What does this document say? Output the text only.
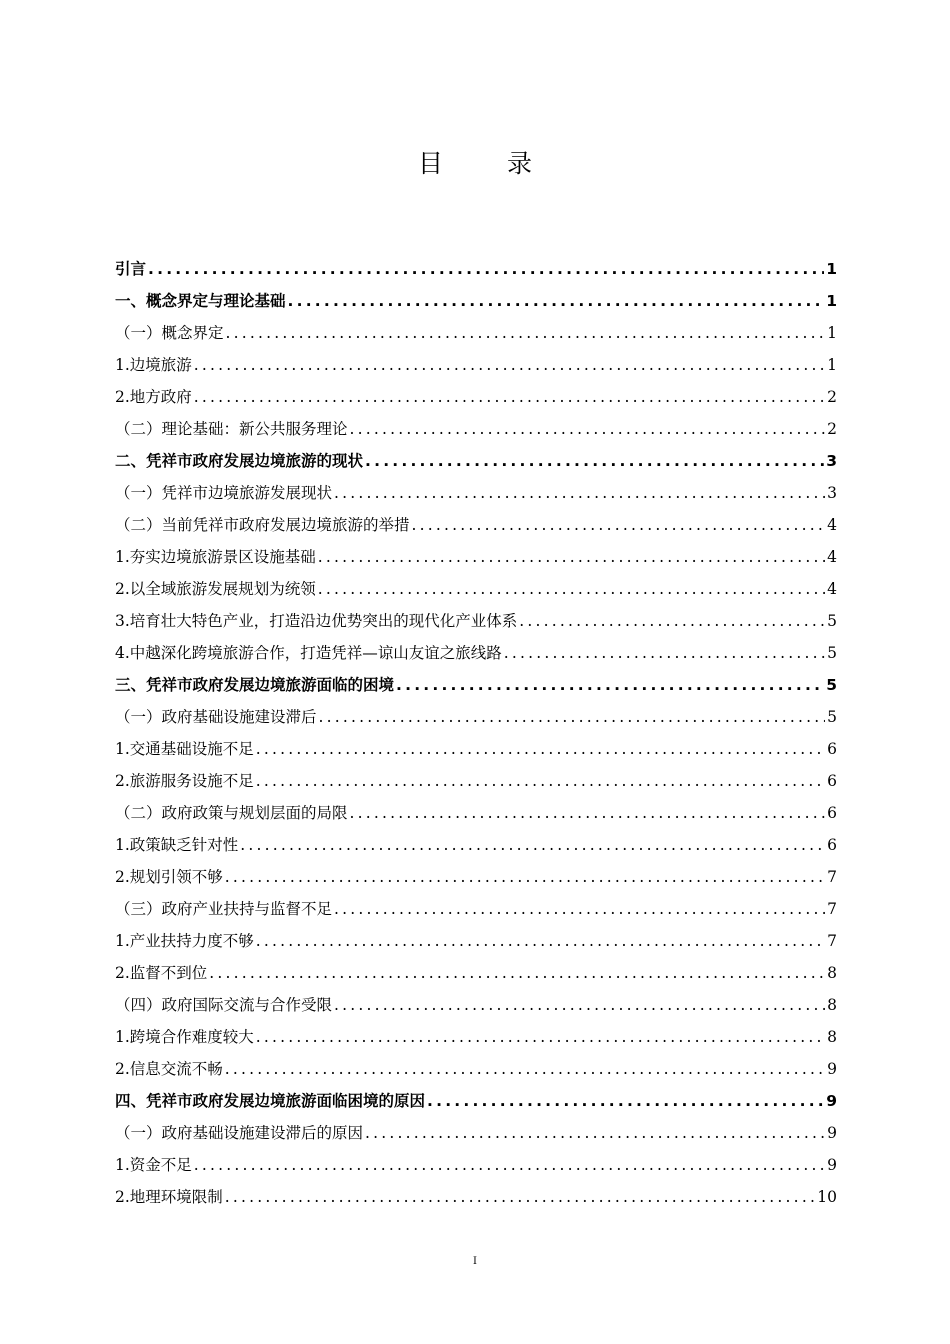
目 录
引言 .....	1
一、概念界定与理论基础 .....	1
（一）概念界定 .....	1
1.边境旅游 .....	1
2.地方政府 .....	2
（二）理论基础：新公共服务理论 .....	2
二、凭祥市政府发展边境旅游的现状 .....	3
（一）凭祥市边境旅游发展现状 .....	3
（二）当前凭祥市政府发展边境旅游的举措 .....	4
1.夯实边境旅游景区设施基础 .....	4
2.以全域旅游发展规划为统领 .....	4
3.培育壮大特色产业，打造沿边优势突出的现代化产业体系 .....	5
4.中越深化跨境旅游合作，打造凭祥—谅山友谊之旅线路 .....	5
三、凭祥市政府发展边境旅游面临的困境 .....	5
（一）政府基础设施建设滞后 .....	5
1.交通基础设施不足 .....	6
2.旅游服务设施不足 .....	6
（二）政府政策与规划层面的局限 .....	6
1.政策缺乏针对性 .....	6
2.规划引领不够 .....	7
（三）政府产业扶持与监督不足 .....	7
1.产业扶持力度不够 .....	7
2.监督不到位 .....	8
（四）政府国际交流与合作受限 .....	8
1.跨境合作难度较大 .....	8
2.信息交流不畅 .....	9
四、凭祥市政府发展边境旅游面临困境的原因 .....	9
（一）政府基础设施建设滞后的原因 .....	9
1.资金不足 .....	9
2.地理环境限制 .....	10
I
